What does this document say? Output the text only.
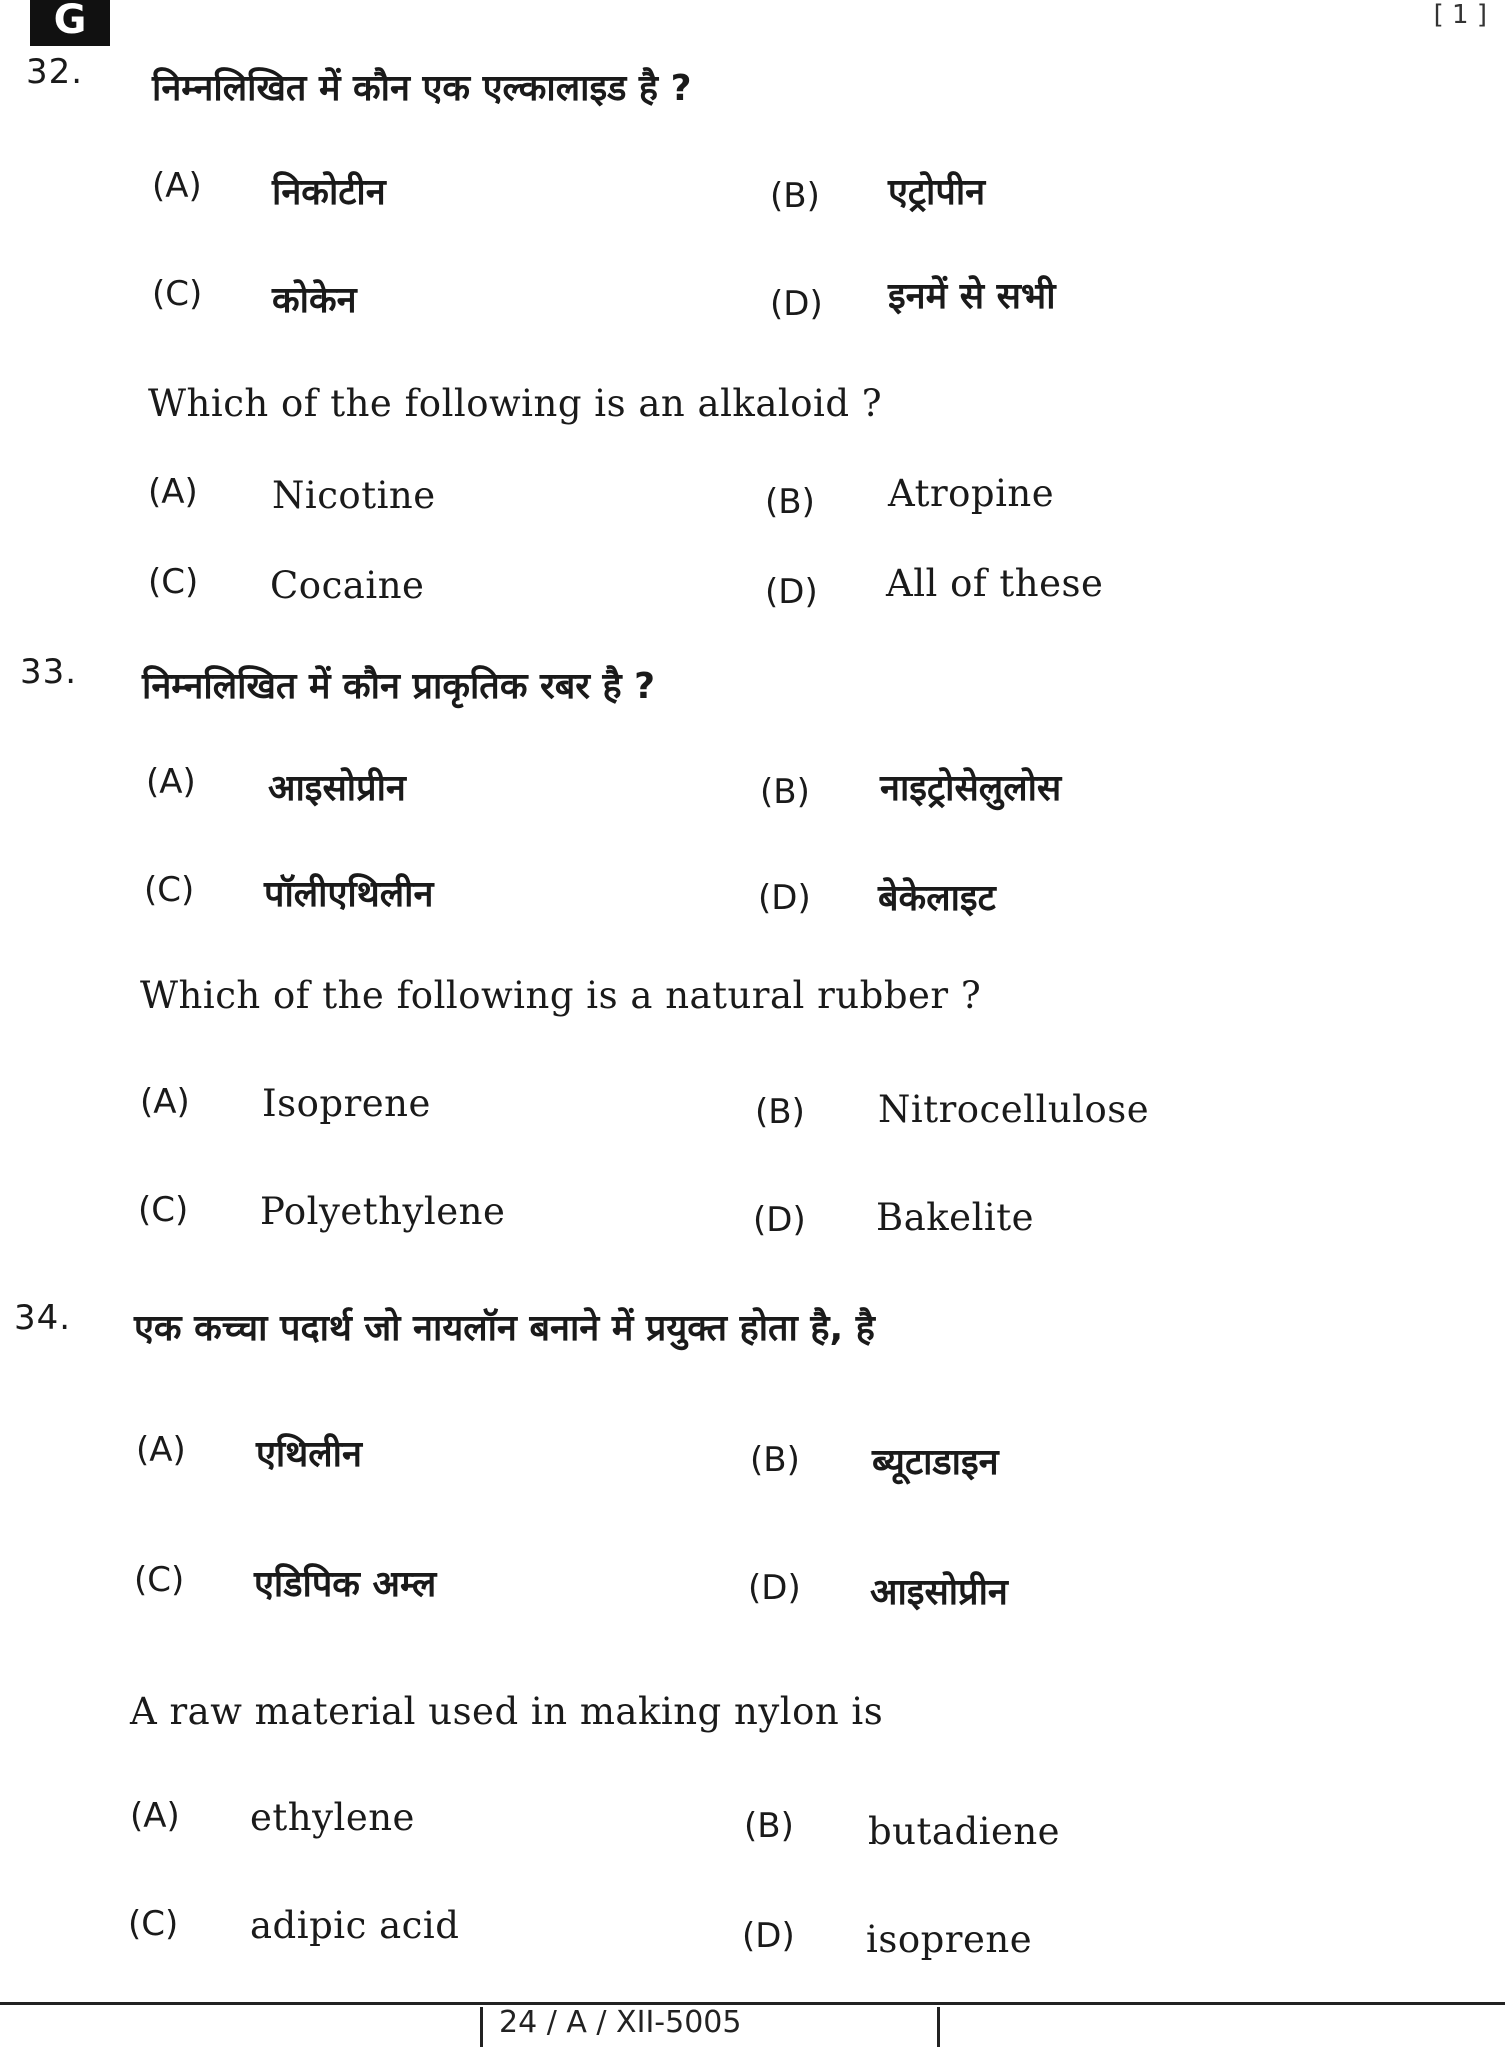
G	[ 1 ]
32. निम्नलिखित में कौन एक एल्कालाइड है ?
(A) निकोटीन	(B) एट्रोपीन
(C) कोकेन	(D) इनमें से सभी
Which of the following is an alkaloid ?
(A) Nicotine	(B) Atropine
(C) Cocaine	(D) All of these
33. निम्नलिखित में कौन प्राकृतिक रबर है ?
(A) आइसोप्रीन	(B) नाइट्रोसेलुलोस
(C) पॉलीएथिलीन	(D) बेकेलाइट
Which of the following is a natural rubber ?
(A) Isoprene	(B) Nitrocellulose
(C) Polyethylene	(D) Bakelite
34. एक कच्चा पदार्थ जो नायलॉन बनाने में प्रयुक्त होता है, है
(A) एथिलीन	(B) ब्यूटाडाइन
(C) एडिपिक अम्ल	(D) आइसोप्रीन
A raw material used in making nylon is
(A) ethylene	(B) butadiene
(C) adipic acid	(D) isoprene
24 / A / XII-5005
